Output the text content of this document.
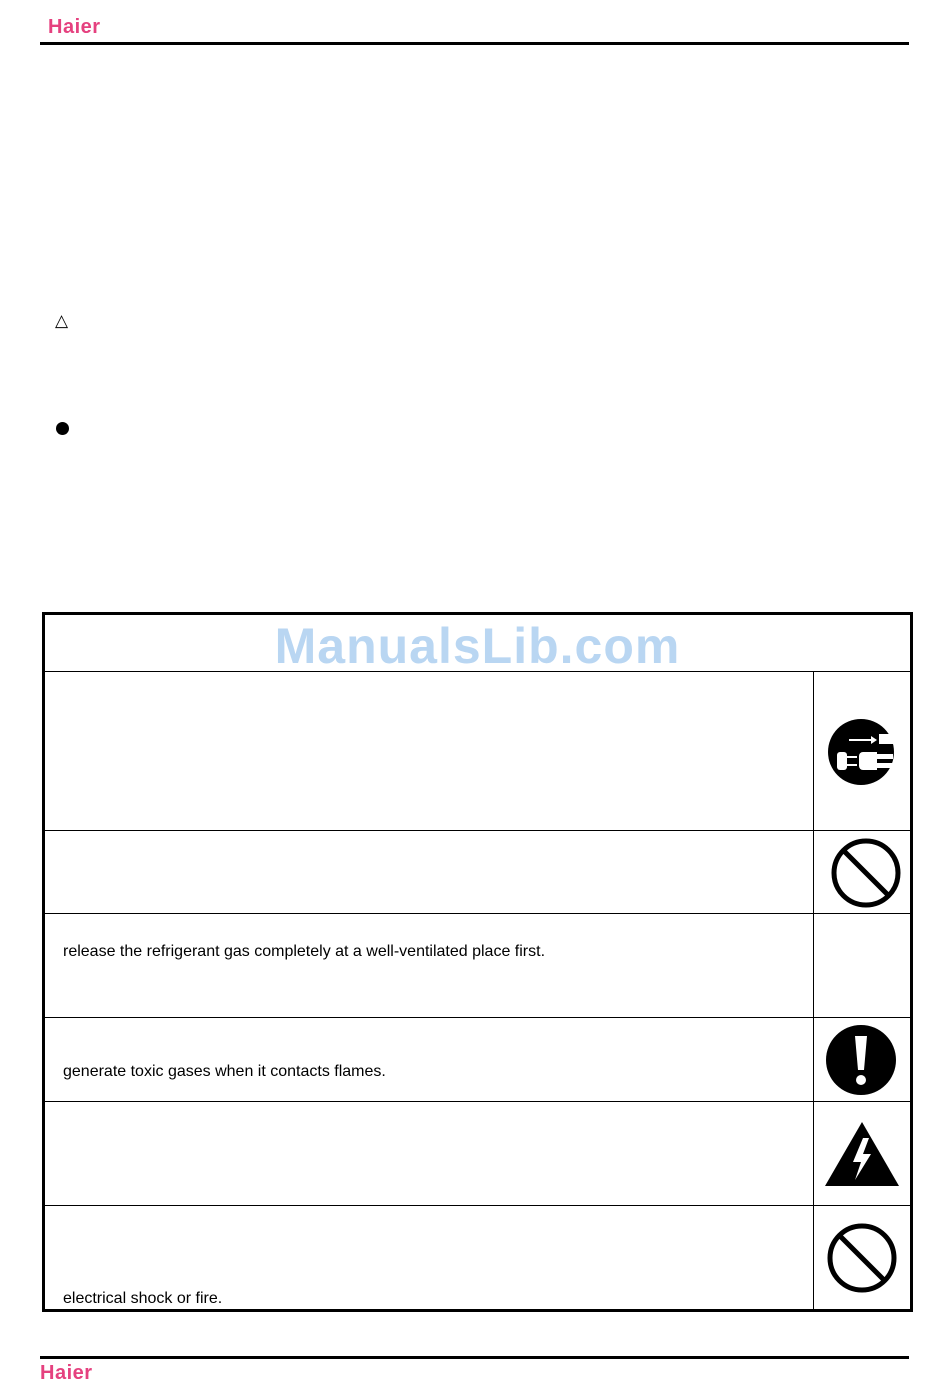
Haier
△
ManualsLib.com
release the refrigerant gas completely at a well-ventilated place first.
generate toxic gases when it contacts flames.
electrical shock or fire.
Haier
